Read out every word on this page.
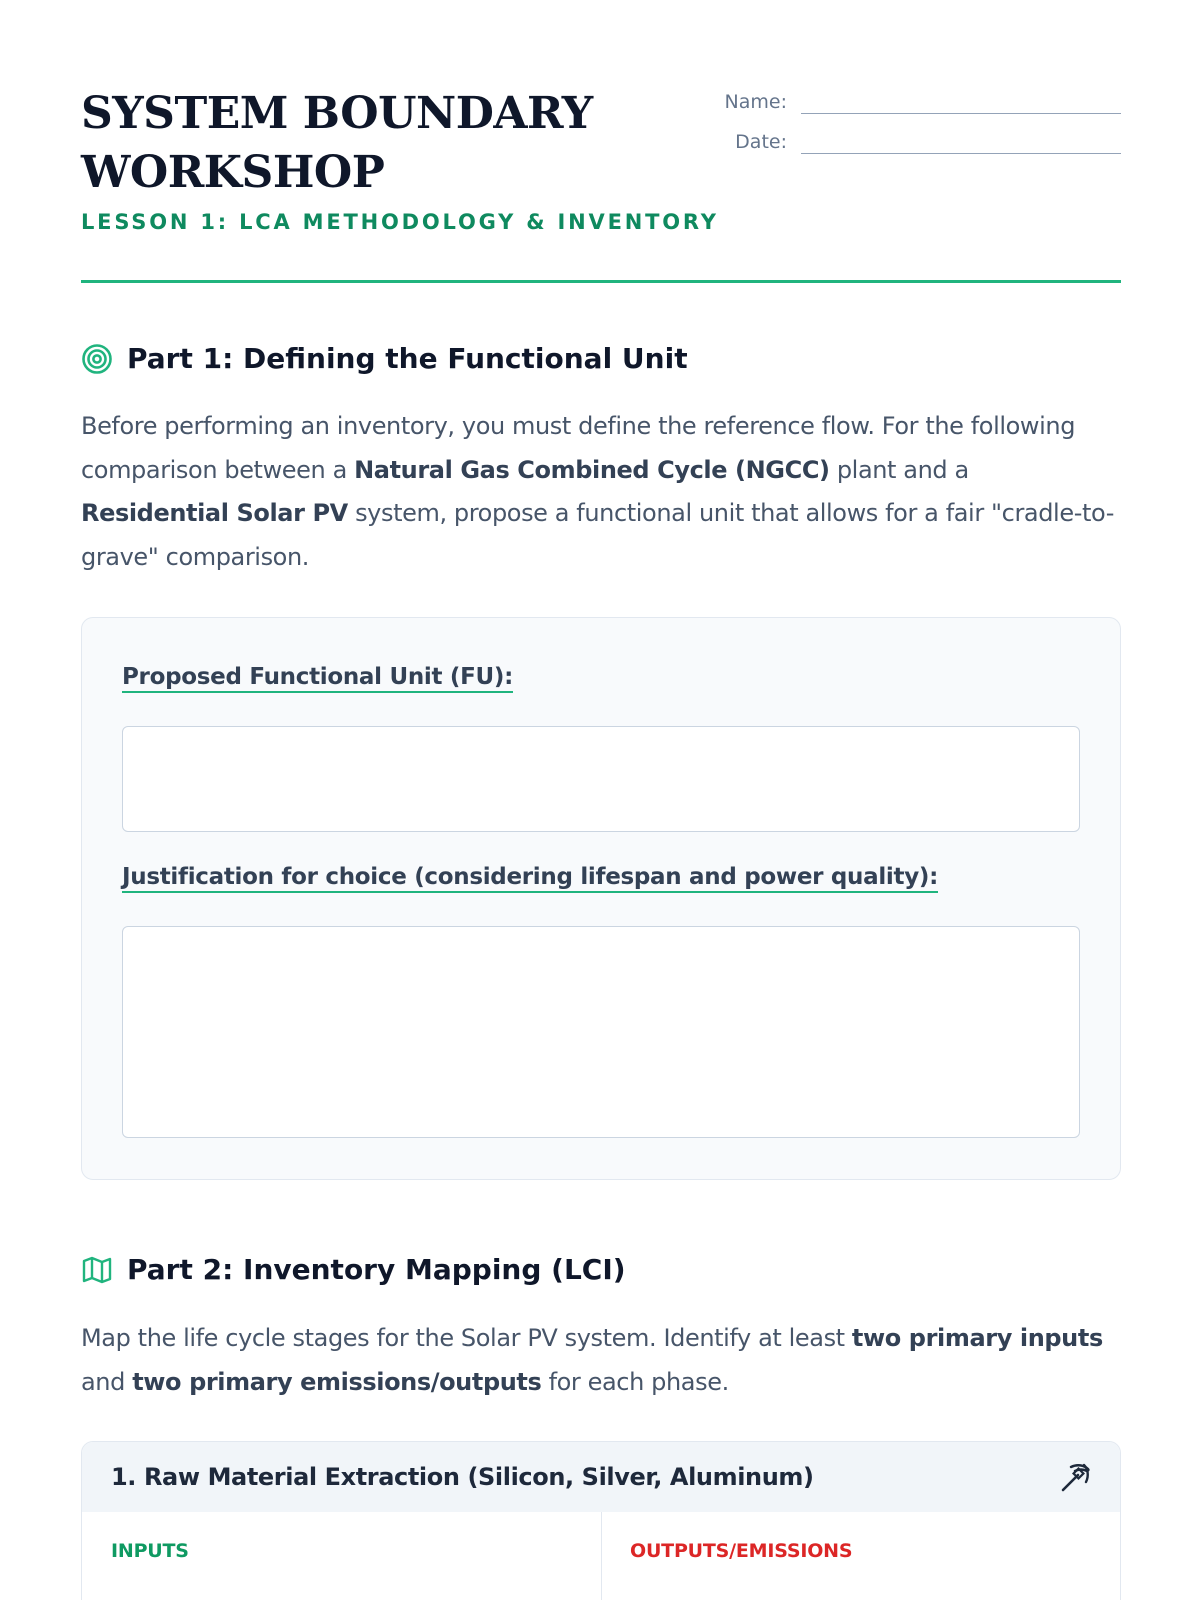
SYSTEM BOUNDARY
WORKSHOP
LESSON 1: LCA METHODOLOGY & INVENTORY
Name:
Date:
Part 1: Defining the Functional Unit

Before performing an inventory, you must define the reference flow. For the following comparison between a Natural Gas Combined Cycle (NGCC) plant and a Residential Solar PV system, propose a functional unit that allows for a fair "cradle-to-grave" comparison.

Proposed Functional Unit (FU):
Justification for choice (considering lifespan and power quality):
Part 2: Inventory Mapping (LCI)

Map the life cycle stages for the Solar PV system. Identify at least two primary inputs and two primary emissions/outputs for each phase.

1. Raw Material Extraction (Silicon, Silver, Aluminum)
INPUTS	OUTPUTS/EMISSIONS
